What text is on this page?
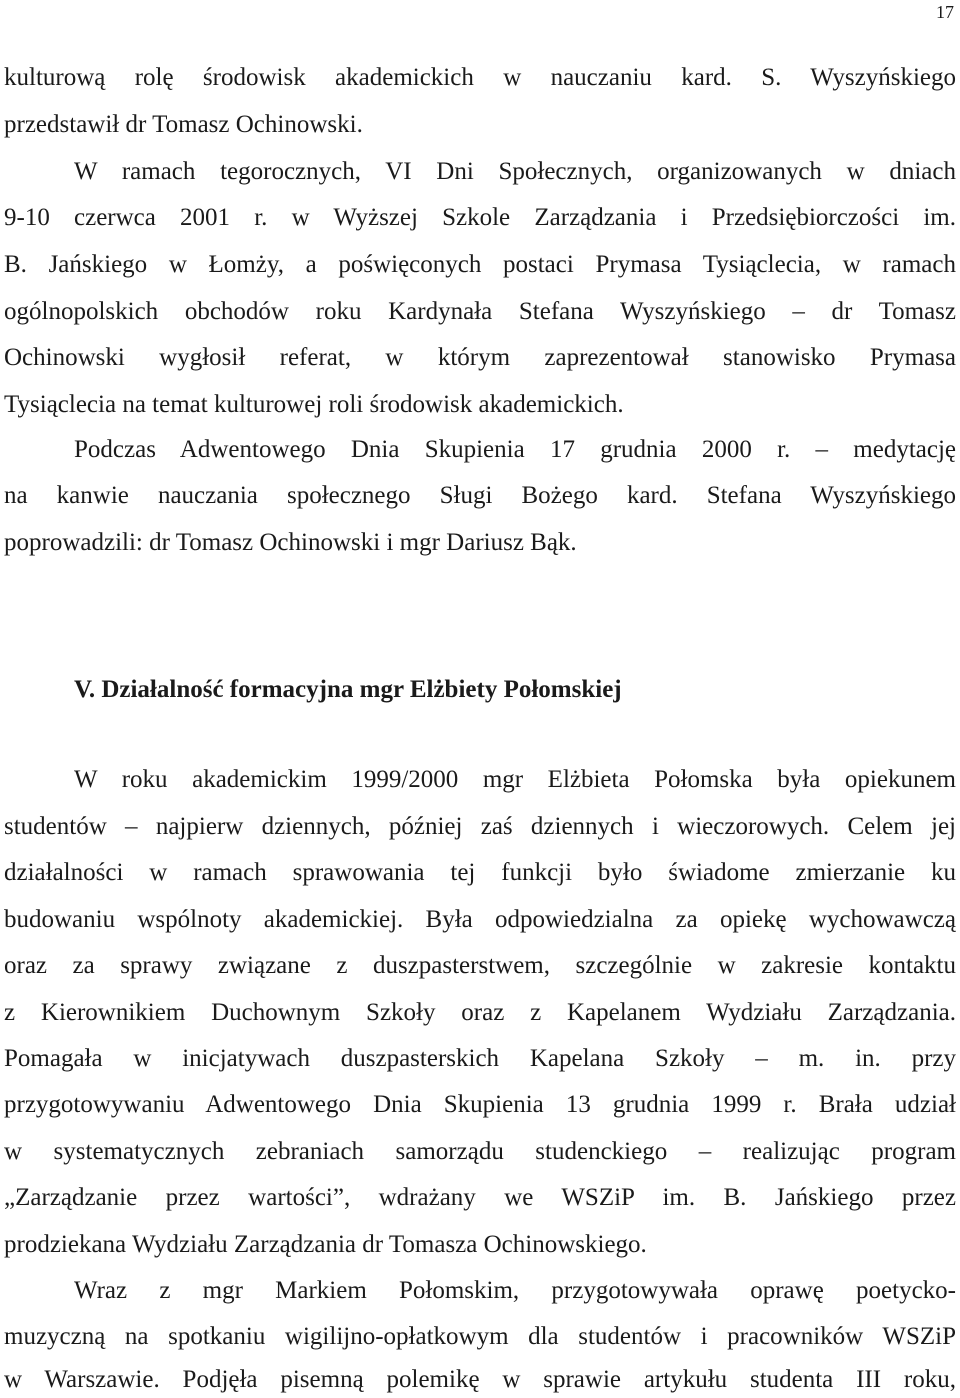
17
kulturową rolę środowisk akademickich w nauczaniu kard. S. Wyszyńskiego
przedstawił dr Tomasz Ochinowski.
W ramach tegorocznych, VI Dni Społecznych, organizowanych w dniach
9-10 czerwca 2001 r. w Wyższej Szkole Zarządzania i Przedsiębiorczości im.
B. Jańskiego w Łomży, a poświęconych postaci Prymasa Tysiąclecia, w ramach
ogólnopolskich obchodów roku Kardynała Stefana Wyszyńskiego – dr Tomasz
Ochinowski wygłosił referat, w którym zaprezentował stanowisko Prymasa
Tysiąclecia na temat kulturowej roli środowisk akademickich.
Podczas Adwentowego Dnia Skupienia 17 grudnia 2000 r. – medytację
na kanwie nauczania społecznego Sługi Bożego kard. Stefana Wyszyńskiego
poprowadzili: dr Tomasz Ochinowski i mgr Dariusz Bąk.
V. Działalność formacyjna mgr Elżbiety Połomskiej
W roku akademickim 1999/2000 mgr Elżbieta Połomska była opiekunem
studentów – najpierw dziennych, później zaś dziennych i wieczorowych. Celem jej
działalności w ramach sprawowania tej funkcji było świadome zmierzanie ku
budowaniu wspólnoty akademickiej. Była odpowiedzialna za opiekę wychowawczą
oraz za sprawy związane z duszpasterstwem, szczególnie w zakresie kontaktu
z Kierownikiem Duchownym Szkoły oraz z Kapelanem Wydziału Zarządzania.
Pomagała w inicjatywach duszpasterskich Kapelana Szkoły – m. in. przy
przygotowywaniu Adwentowego Dnia Skupienia 13 grudnia 1999 r. Brała udział
w systematycznych zebraniach samorządu studenckiego – realizując program
„Zarządzanie przez wartości”, wdrażany we WSZiP im. B. Jańskiego przez
prodziekana Wydziału Zarządzania dr Tomasza Ochinowskiego.
Wraz z mgr Markiem Połomskim, przygotowywała oprawę poetycko-
muzyczną na spotkaniu wigilijno-opłatkowym dla studentów i pracowników WSZiP
w Warszawie. Podjęła pisemną polemikę w sprawie artykułu studenta III roku,
